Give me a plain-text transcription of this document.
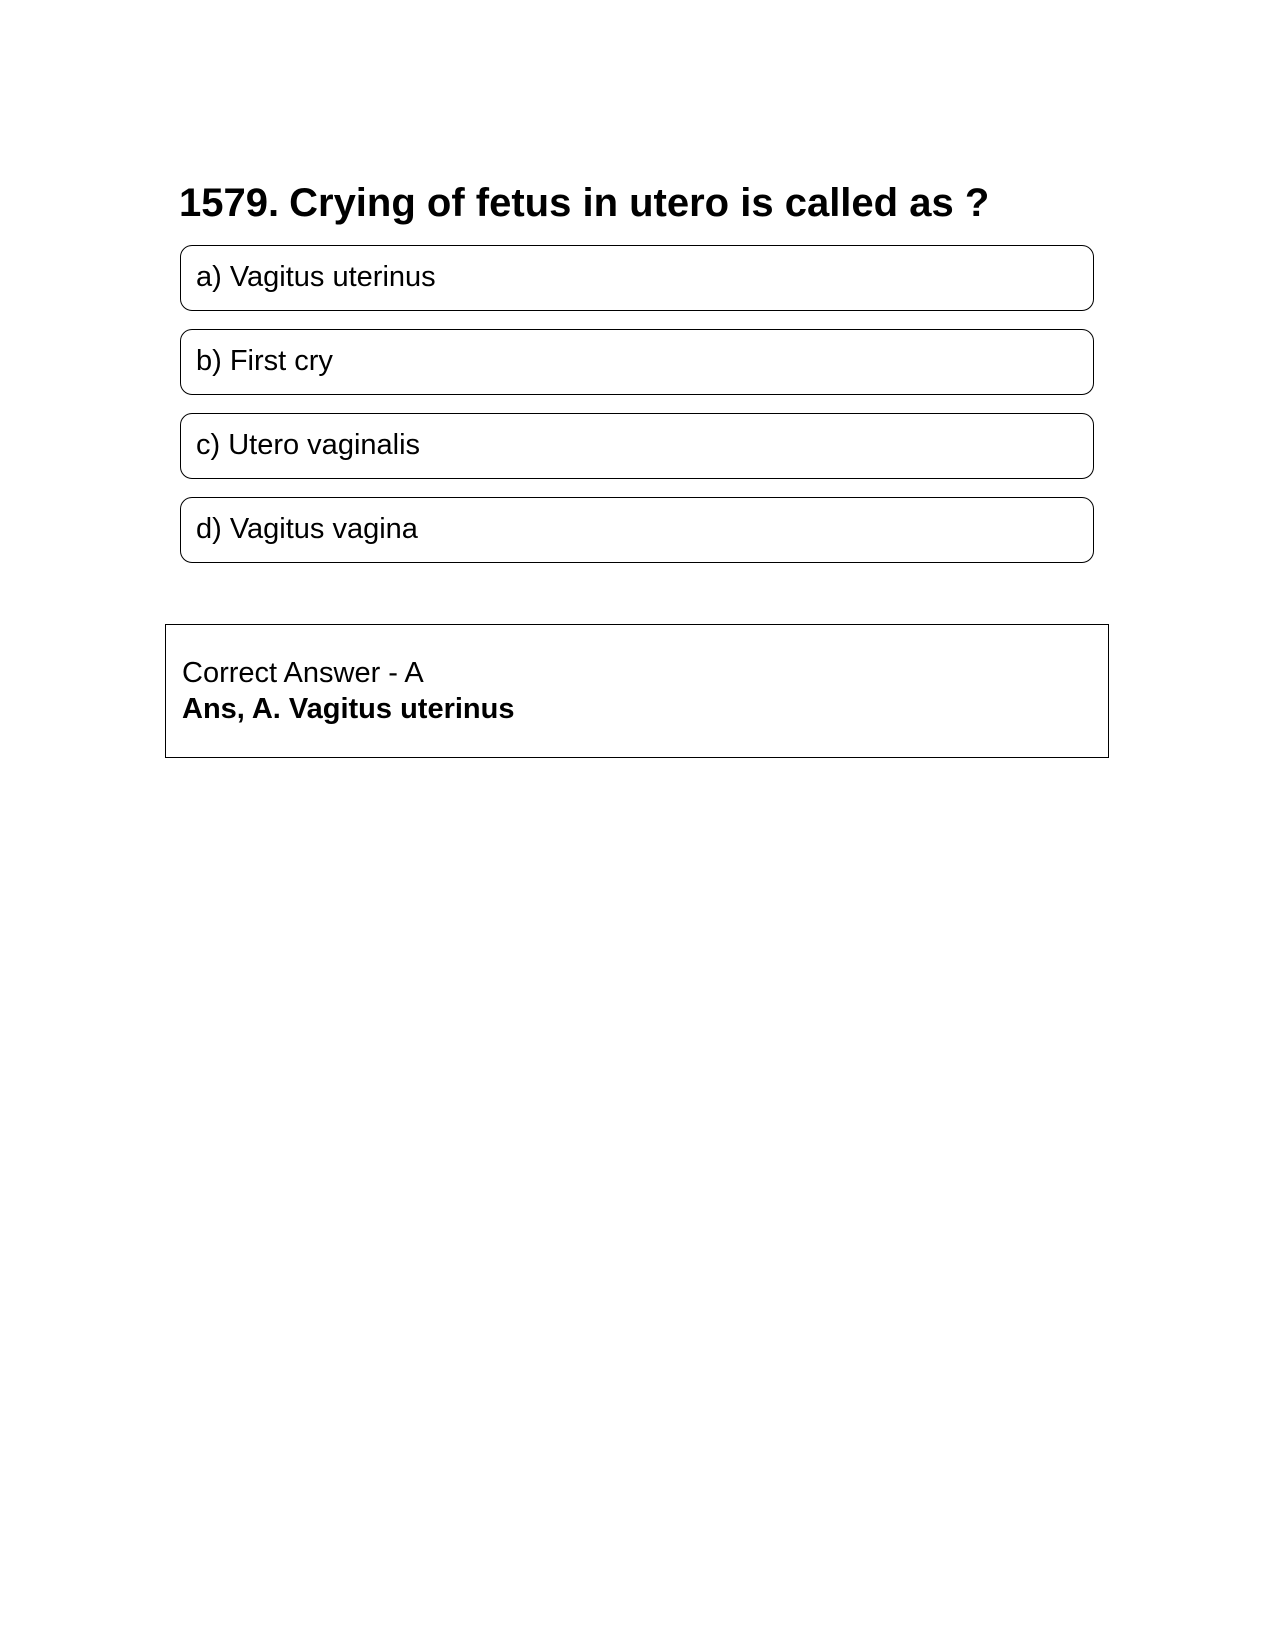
1579. Crying of fetus in utero is called as ?
a) Vagitus uterinus
b) First cry
c) Utero vaginalis
d) Vagitus vagina
Correct Answer - A
Ans, A. Vagitus uterinus
